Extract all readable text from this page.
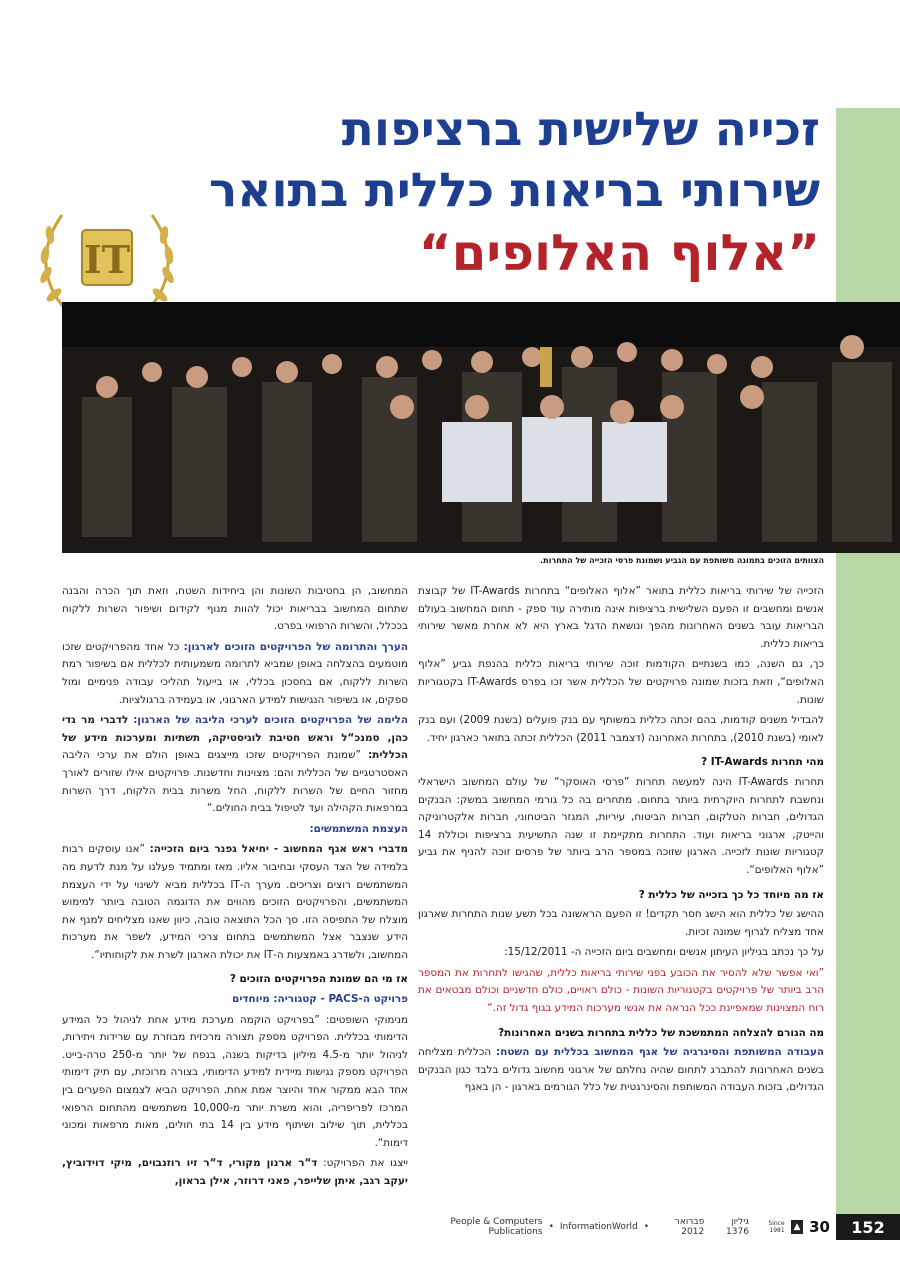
זכייה שלישית ברציפות
שירותי בריאות כללית בתואר
”אלוף האלופים“
IT
הצוותים הזוכים בתמונה משותפת עם הגביע ושמונת פרסי הזכייה של התחרות.

הזכייה של שירותי בריאות כללית בתואר ”אלוף האלופים“ בתחרות IT-Awards של קבוצת אנשים ומחשבים זו הפעם השלישית ברציפות אינה מותירה עוד ספק - תחום המחשוב בעולם הבריאות עובר בשנים האחרונות מהפך ונושאת הדגל בארץ היא לא אחרת מאשר שירותי בריאות כללית.

כך, גם השנה, כמו בשנתיים הקודמות זוכה שירותי בריאות כללית בהנפת גביע ”אלוף האלופים“, וזאת בזכות שמונה פרויקטים של הכללית אשר זכו בפרס IT-Awards בקטגוריות שונות.

להבדיל משנים קודמות, בהם זכתה כללית במשותף עם בנק פועלים (בשנת 2009) ועם בנק לאומי (בשנת 2010), בתחרות האחרונה (דצמבר 2011) הכללית זכתה בתואר כארגון יחיד.

מהי תחרות IT-Awards ?

תחרות IT-Awards הינה למעשה תחרות ”פרסי האוסקר“ של עולם המחשוב הישראלי ונחשבת לתחרות היוקרתית ביותר בתחום. מתחרים בה כל גורמי המחשוב במשק: הבנקים הגדולים, חברות הטלקום, חברות הביטוח, עיריות, המגזר הביטחוני, חברות אלקטרוניקה והייטק, ארגוני בריאות ועוד. התחרות מתקיימת זו שנה התשיעית ברציפות וכוללת 14 קטגוריות שונות לזכייה. הארגון שזוכה במספר הרב ביותר של פרסים זוכה להניף את גביע ”אלוף האלופים“.

אז מה מיוחד כל כך בזכייה של כללית ?

ההישג של כללית הוא הישג חסר תקדים! זו הפעם הראשונה בכל תשע שנות התחרות שארגון אחד מצליח לגרוף שמונה זכיות.

על כך נכתב בגיליון העיתון אנשים ומחשבים ביום הזכייה ה- 15/12/2011:

”ואי אפשר שלא להסיר את הכובע בפני שירותי בריאות כללית, שהגישו לתחרות את המספר הרב ביותר של פרויקטים בקטגוריות השונות - כולם ראויים, כולם חדשניים וכולם מבטאים את רוח המצוינות שמאפיינת ככל הנראה את אנשי מערכות המידע בגוף גדול זה.“

מה הגורם להצלחה המתמשכת של כללית בתחרות בשנים האחרונות?

העבודה המשותפת והסינרגיה של אגף המחשוב בכללית עם השטח: הכללית מצליחה בשנים האחרונות להתברג לתחום שהיה נחלתם של ארגוני מחשוב גדולים בלבד כגון הבנקים הגדולים, בזכות העבודה המשותפת והסינרגטית של כלל הגורמים בארגון - הן באגף

המחשוב, הן בחטיבות השונות והן ביחידות השטח, וזאת תוך הכרה והבנה שתחום המחשוב בבריאות יכול להוות מנוף לקידום ושיפור השרות ללקוח בככלל, והשרות הרפואי בפרט.

הערך והתרומה של הפרויקטים הזוכים לארגון: כל אחד מהפרויקטים שזכו מוטמעים בהצלחה באופן שמביא לתרומה משמעותית לכללית אם בשיפור רמת השרות ללקוח, אם בחסכון בכללי, או בייעול תהליכי עבודה פנימיים ומול ספקים, או בשיפור הנגישות למידע הארגוני, או בעמידה ברגולציות.

הלימה של הפרויקטים הזוכים לערכי הליבה של הארגון: לדברי מר גדי כהן, סמנכ“ל וראש חטיבת לוגיסטיקה, תשתיות ומערכות מידע של הכללית: ”שמונת הפרויקטים שזכו מייצגים באופן הולם את ערכי הליבה האסטרטגיים של הכללית והם: מצוינות וחדשנות. פרויקטים אילו שזורים לאורך מחזור החיים של השרות ללקוח, החל משרות בבית הלקוח, דרך השרות במרפאות הקהילה ועד לטיפול בבית החולים.“

העצמת המשתמשים:

מדברי ראש אגף המחשוב - יחיאל גפנר ביום הזכייה: ”אנו עוסקים רבות בלמידה של הצד העסקי ובחיבור אליו. מאז ומתמיד פעלנו על מנת לדעת מה המשתמשים רוצים וצריכים. מערך ה-IT בכללית מביא לשינוי על ידי העצמת המשתמשים, והפרויקטים הזוכים מהווים את הדוגמה הטובה ביותר למימוש מוצלח של התפיסה הזו. סך הכל התוצאה טובה, כיוון שאנו מצליחים למנף את הידע שנצבר אצל המשתמשים בתחום צרכי המידע, לשפר את מערכות המחשוב, ולשדרג באמצעות ה-IT את יכולת הארגון לשרת את לקוחותיו“.

אז מי הם שמונת הפרויקטים הזוכים ?

פרויקט ה-PACS - קטגוריה: מיוחדים

מנימוקי השופטים: ”בפרויקט הוקמה מערכת מידע אחת לניהול כל המידע הדימותי בכללית. הפרויקט מספק תצורה מרכזית מבוזרת עם שרידות ויתירות, לניהול יותר מ-4.5 מיליון בדיקות בשנה, בנפח של יותר מ-250 טרה-בייט. הפרויקט מספק נגישות מיידית למידע הדימותי, בצורה מרוכזת, עם תיק דימותי אחד הבא ממקור אחד והיוצר אמת אחת. הפרויקט הביא לצמצום הפערים בין המרכז לפריפריה, והוא משרת יותר מ-10,000 משתמשים מהתחום הרפואי בכללית, תוך שילוב ושיתוף מידע בין 14 בתי חולים, מאות מרפאות ומכוני דימות“.

ייצגו את הפרויקט: ד“ר ארנון מקורי, ד“ר זיו רוזנבוים, מיקי דוידוביץ, יעקב רגב, איתן שלייפר, פאני דרוזר, אילן בראון,

30
▲
Since 1981
גיליון 1376
פברואר 2012
•
InformationWorld
•
People & Computers Publications	152
